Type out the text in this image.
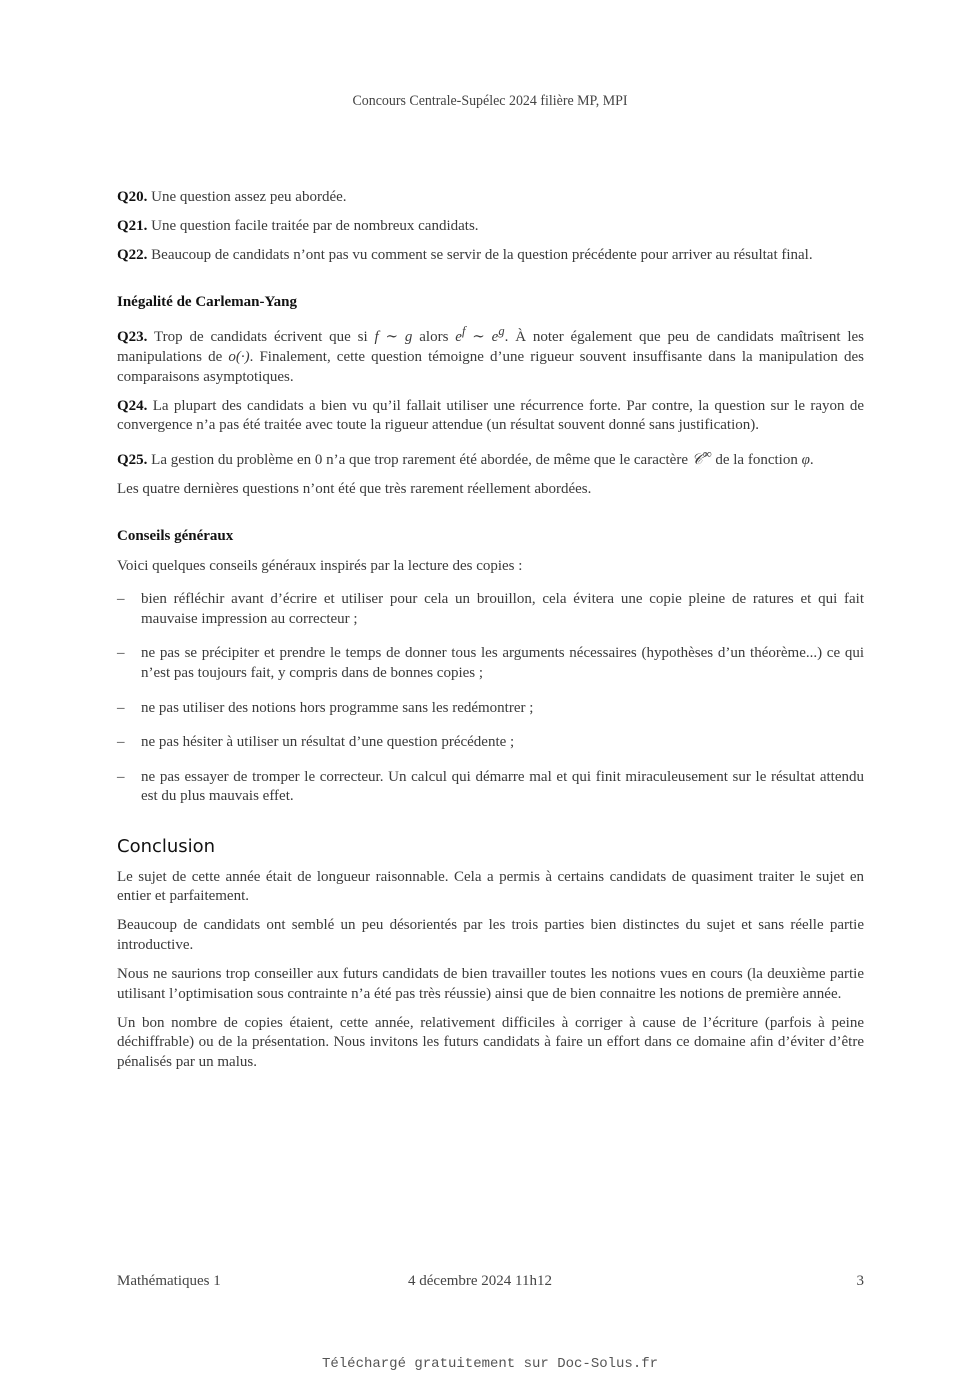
Concours Centrale-Supélec 2024 filière MP, MPI

Q20. Une question assez peu abordée.

Q21. Une question facile traitée par de nombreux candidats.

Q22. Beaucoup de candidats n’ont pas vu comment se servir de la question précédente pour arriver au résultat final.

Inégalité de Carleman-Yang

Q23. Trop de candidats écrivent que si f ∼ g alors $e^f$ ∼ $e^g$. À noter également que peu de candidats maîtrisent les manipulations de o(·). Finalement, cette question témoigne d’une rigueur souvent insuffisante dans la manipulation des comparaisons asymptotiques.

Q24. La plupart des candidats a bien vu qu’il fallait utiliser une récurrence forte. Par contre, la question sur le rayon de convergence n’a pas été traitée avec toute la rigueur attendue (un résultat souvent donné sans justification).

Q25. La gestion du problème en 0 n’a que trop rarement été abordée, de même que le caractère 𝒞∞ de la fonction φ.

Les quatre dernières questions n’ont été que très rarement réellement abordées.

Conseils généraux

Voici quelques conseils généraux inspirés par la lecture des copies :

– bien réfléchir avant d’écrire et utiliser pour cela un brouillon, cela évitera une copie pleine de ratures et qui fait mauvaise impression au correcteur ;
– ne pas se précipiter et prendre le temps de donner tous les arguments nécessaires (hypothèses d’un théorème...) ce qui n’est pas toujours fait, y compris dans de bonnes copies ;
– ne pas utiliser des notions hors programme sans les redémontrer ;
– ne pas hésiter à utiliser un résultat d’une question précédente ;
– ne pas essayer de tromper le correcteur. Un calcul qui démarre mal et qui finit miraculeusement sur le résultat attendu est du plus mauvais effet.
Conclusion

Le sujet de cette année était de longueur raisonnable. Cela a permis à certains candidats de quasiment traiter le sujet en entier et parfaitement.

Beaucoup de candidats ont semblé un peu désorientés par les trois parties bien distinctes du sujet et sans réelle partie introductive.

Nous ne saurions trop conseiller aux futurs candidats de bien travailler toutes les notions vues en cours (la deuxième partie utilisant l’optimisation sous contrainte n’a été pas très réussie) ainsi que de bien connaitre les notions de première année.

Un bon nombre de copies étaient, cette année, relativement difficiles à corriger à cause de l’écriture (parfois à peine déchiffrable) ou de la présentation. Nous invitons les futurs candidats à faire un effort dans ce domaine afin d’éviter d’être pénalisés par un malus.

Mathématiques 1	4 décembre 2024 11h12	3
Téléchargé gratuitement sur Doc-Solus.fr
